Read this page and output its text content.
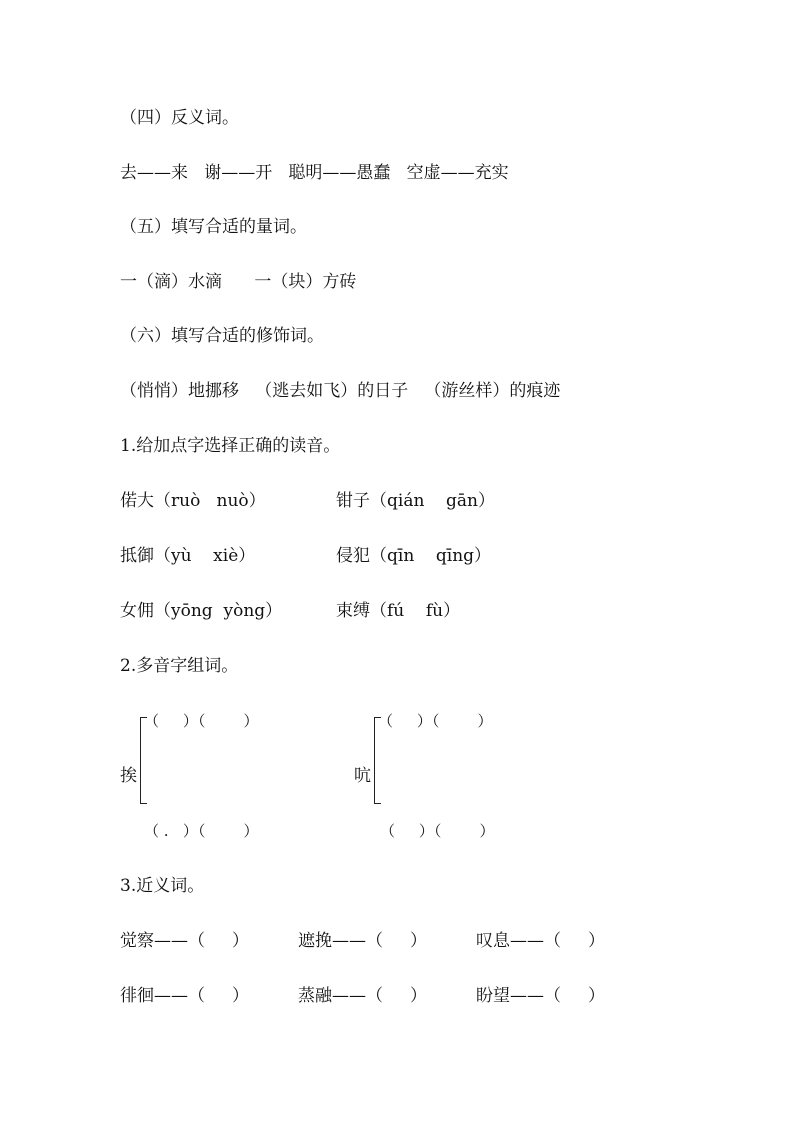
（四）反义词。
去——来   谢——开   聪明——愚蠢   空虚——充实
（五）填写合适的量词。
一（滴）水滴      一（块）方砖
（六）填写合适的修饰词。
（悄悄）地挪移   （逃去如飞）的日子   （游丝样）的痕迹
1.给加点字选择正确的读音。
偌大（ruò   nuò）	钳子（qián    gān）
抵御（yù    xiè）	侵犯（qīn    qīng）
女佣（yōng  yòng）	束缚（fú    fù）
2.多音字组词。
（     ）（        ）
挨
（ .   ）（        ）
（     ）（        ）
吭
（     ）（        ）
3.近义词。
觉察——（     ）	遮挽——（     ）	叹息——（     ）
徘徊——（     ）	蒸融——（     ）	盼望——（     ）
